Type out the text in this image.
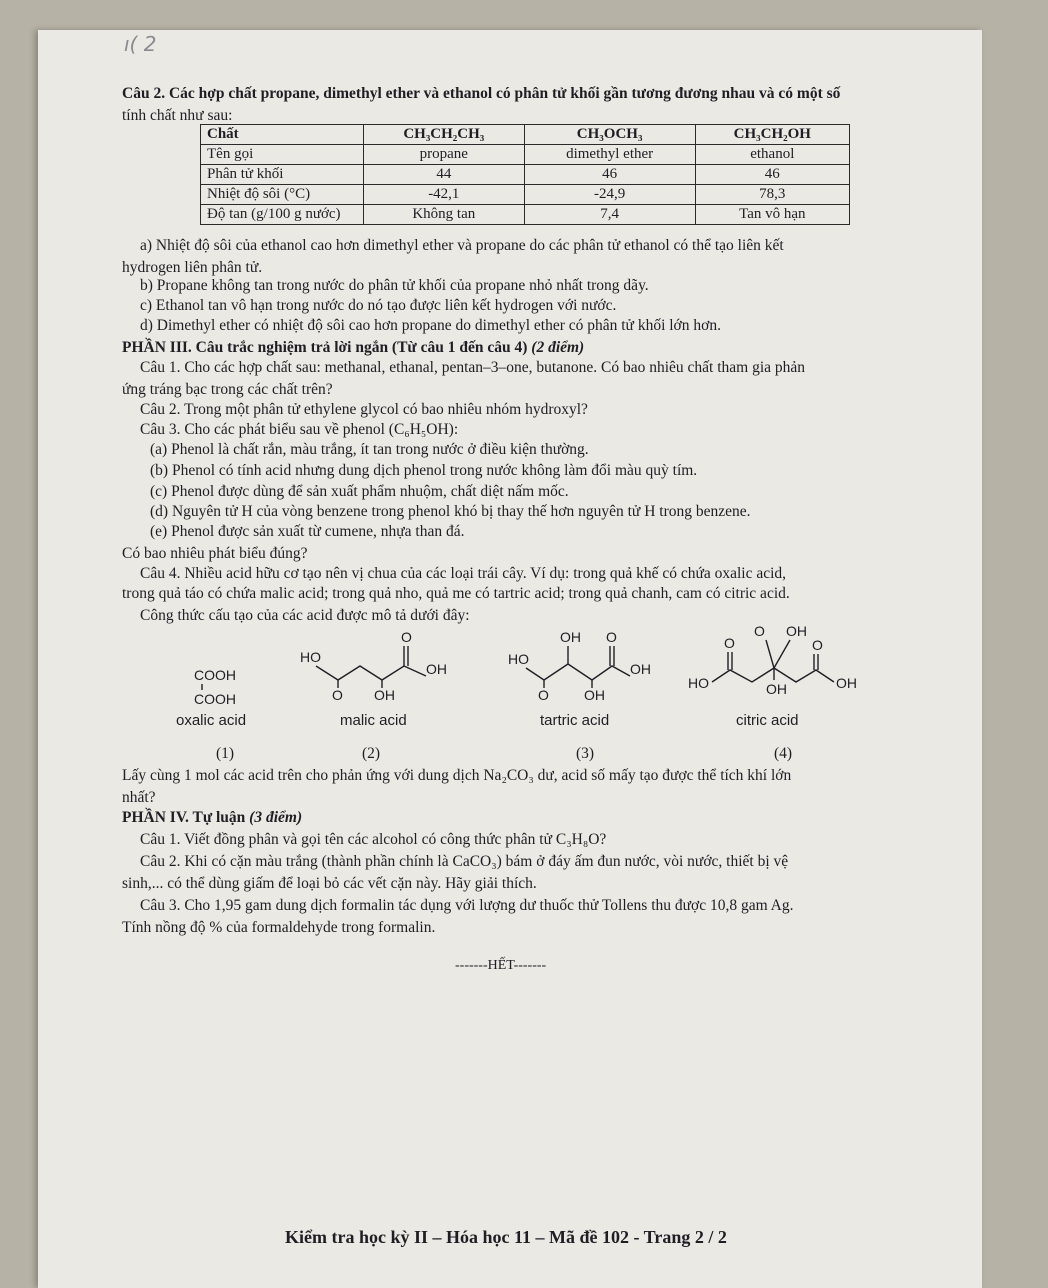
ı( 2
Câu 2. Các hợp chất propane, dimethyl ether và ethanol có phân tử khối gần tương đương nhau và có một số
tính chất như sau:
Chất	CH₃CH₂CH₃	CH₃OCH₃	CH₃CH₂OH
Tên gọi	propane	dimethyl ether	ethanol
Phân tử khối	44	46	46
Nhiệt độ sôi (°C)	-42,1	-24,9	78,3
Độ tan (g/100 g nước)	Không tan	7,4	Tan vô hạn
a) Nhiệt độ sôi của ethanol cao hơn dimethyl ether và propane do các phân tử ethanol có thể tạo liên kết
hydrogen liên phân tử.
b) Propane không tan trong nước do phân tử khối của propane nhỏ nhất trong dãy.
c) Ethanol tan vô hạn trong nước do nó tạo được liên kết hydrogen với nước.
d) Dimethyl ether có nhiệt độ sôi cao hơn propane do dimethyl ether có phân tử khối lớn hơn.
PHẦN III. Câu trắc nghiệm trả lời ngắn (Từ câu 1 đến câu 4) (2 điểm)
Câu 1. Cho các hợp chất sau: methanal, ethanal, pentan–3–one, butanone. Có bao nhiêu chất tham gia phản
ứng tráng bạc trong các chất trên?
Câu 2. Trong một phân tử ethylene glycol có bao nhiêu nhóm hydroxyl?
Câu 3. Cho các phát biểu sau về phenol (C₆H₅OH):
(a) Phenol là chất rắn, màu trắng, ít tan trong nước ở điều kiện thường.
(b) Phenol có tính acid nhưng dung dịch phenol trong nước không làm đổi màu quỳ tím.
(c) Phenol được dùng để sản xuất phẩm nhuộm, chất diệt nấm mốc.
(d) Nguyên tử H của vòng benzene trong phenol khó bị thay thế hơn nguyên tử H trong benzene.
(e) Phenol được sản xuất từ cumene, nhựa than đá.
Có bao nhiêu phát biểu đúng?
Câu 4. Nhiều acid hữu cơ tạo nên vị chua của các loại trái cây. Ví dụ: trong quả khế có chứa oxalic acid,
trong quả táo có chứa malic acid; trong quả nho, quả me có tartric acid; trong quả chanh, cam có citric acid.
Công thức cấu tạo của các acid được mô tả dưới đây:
COOH
COOH
HO
O
OH
O OH
HO
OH O
OH
O	OH
HO
O
O OH
OH
O
OH
oxalic acid	malic acid	tartric acid	citric acid
(1)	(2)	(3)	(4)
Lấy cùng 1 mol các acid trên cho phản ứng với dung dịch Na₂CO₃ dư, acid số mấy tạo được thể tích khí lớn
nhất?
PHẦN IV. Tự luận (3 điểm)
Câu 1. Viết đồng phân và gọi tên các alcohol có công thức phân tử C₃H₈O?
Câu 2. Khi có cặn màu trắng (thành phần chính là CaCO₃) bám ở đáy ấm đun nước, vòi nước, thiết bị vệ
sinh,... có thể dùng giấm để loại bỏ các vết cặn này. Hãy giải thích.
Câu 3. Cho 1,95 gam dung dịch formalin tác dụng với lượng dư thuốc thử Tollens thu được 10,8 gam Ag.
Tính nồng độ % của formaldehyde trong formalin.
-------HẾT-------
Kiểm tra học kỳ II – Hóa học 11 – Mã đề 102 - Trang 2 / 2
